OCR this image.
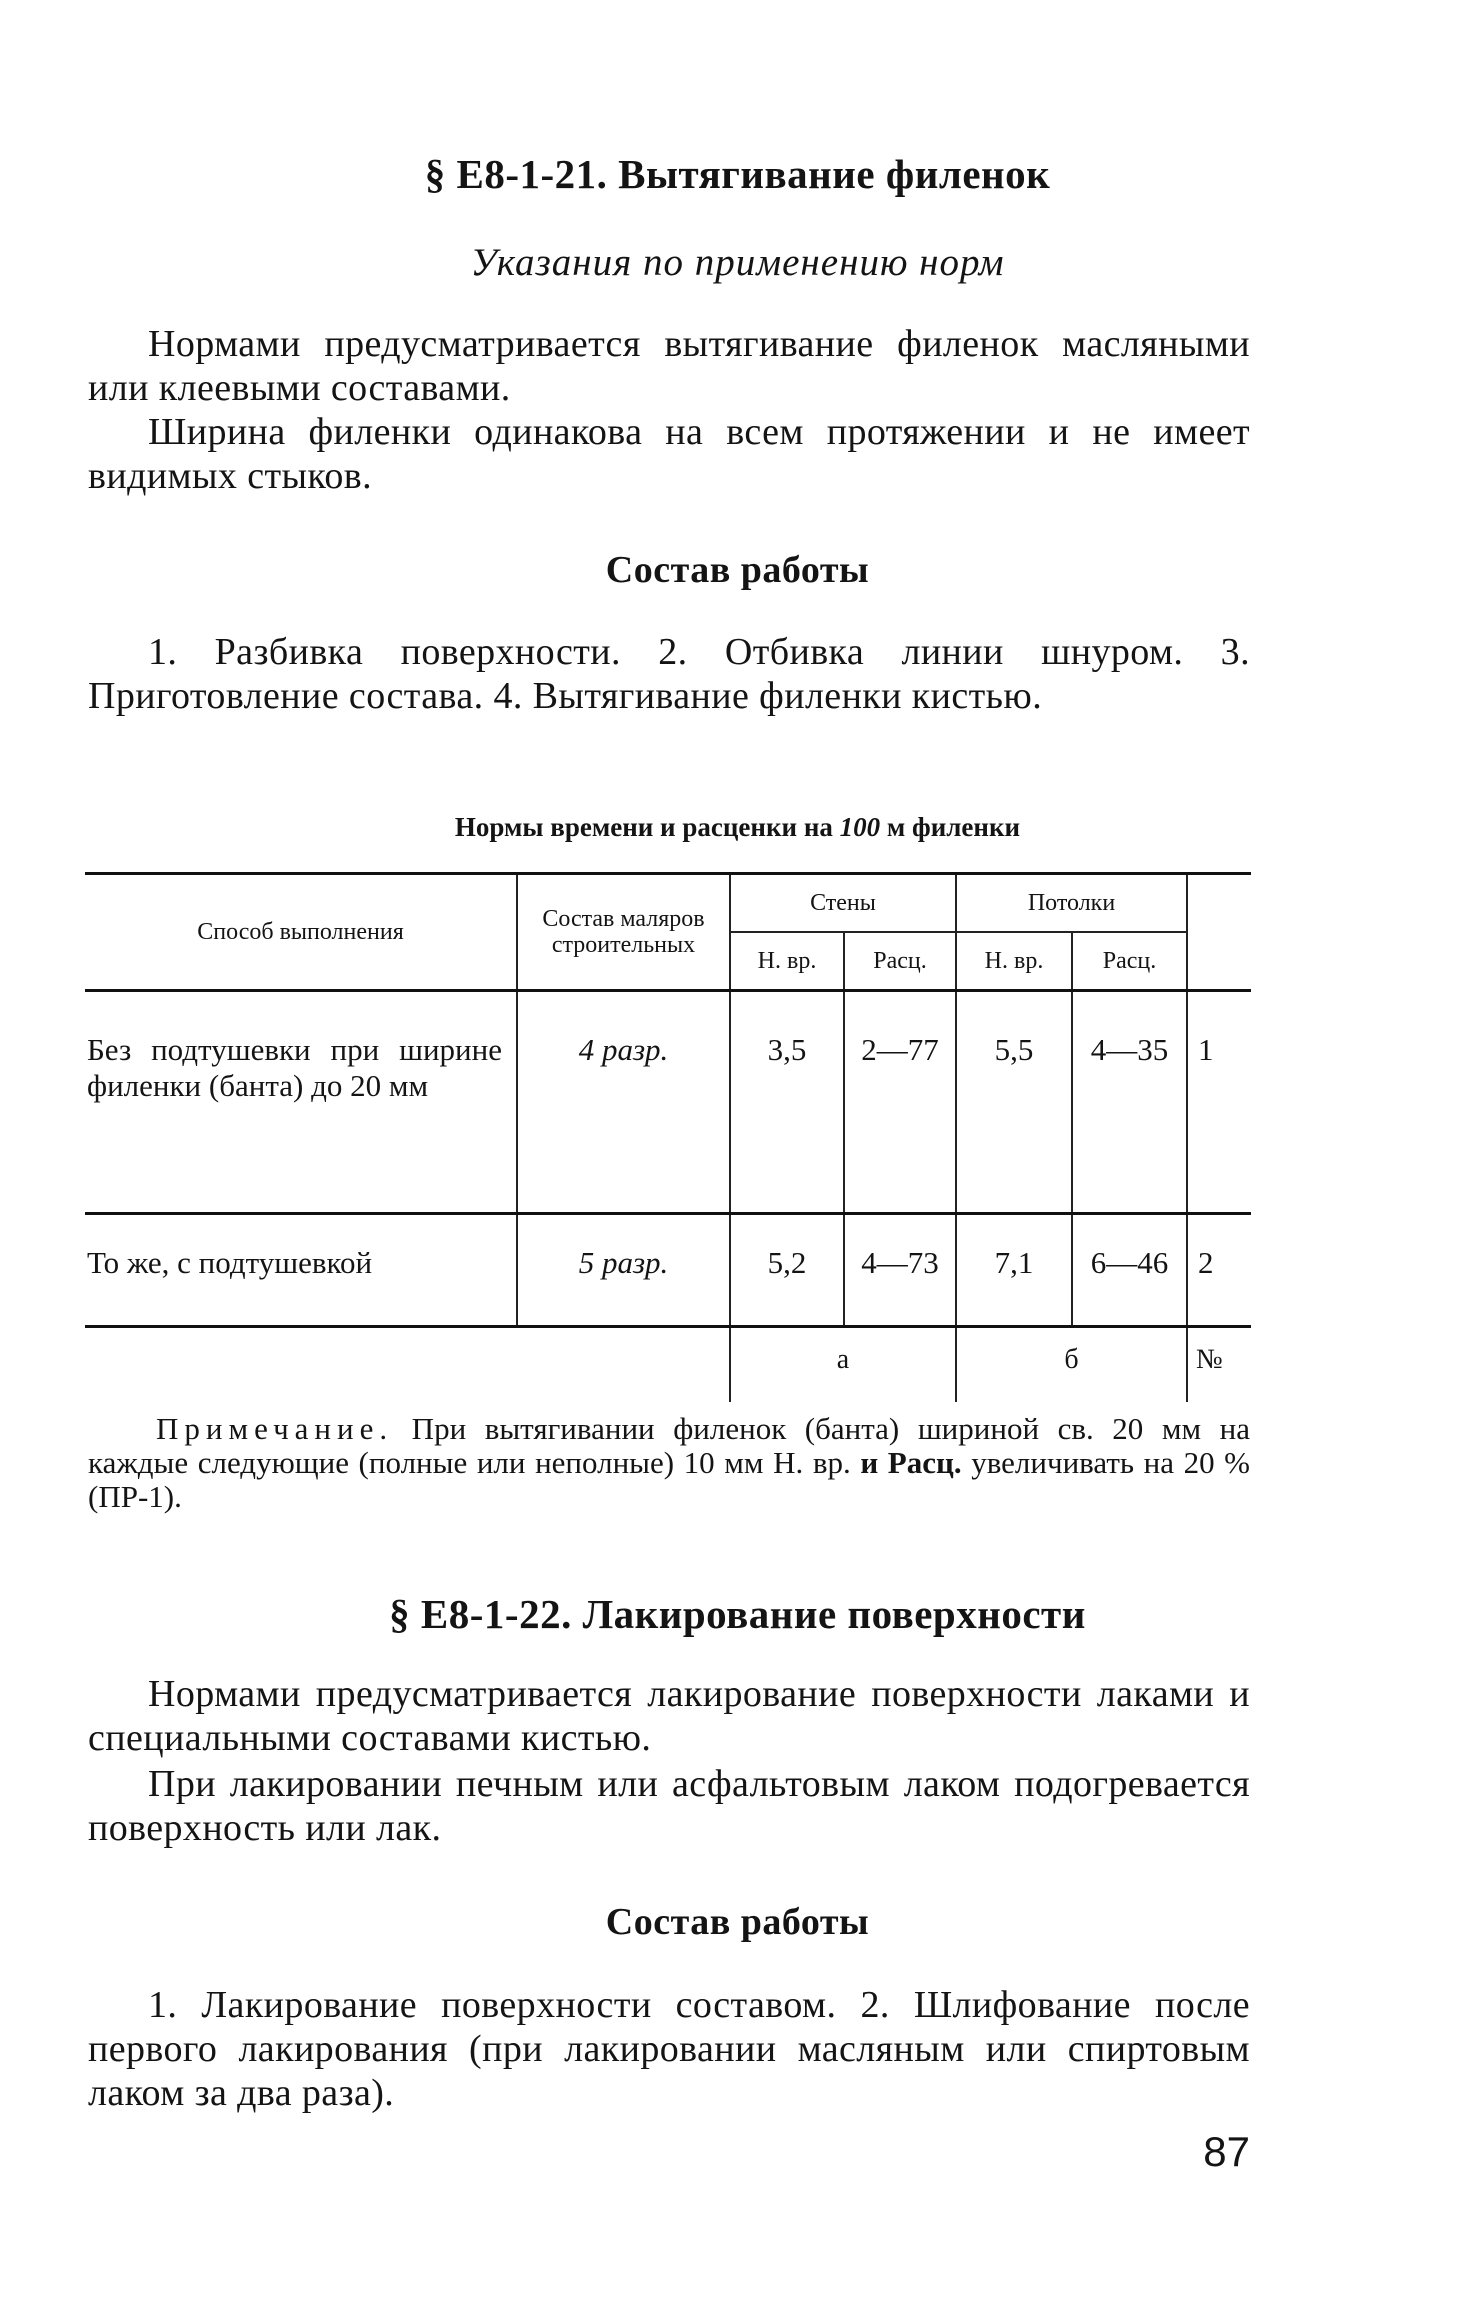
§ Е8-1-21. Вытягивание филенок
Указания по применению норм
Нормами предусматривается вытягивание филенок масляными или клеевыми составами.
Ширина филенки одинакова на всем протяжении и не имеет видимых стыков.
Состав работы
1. Разбивка поверхности. 2. Отбивка линии шнуром. 3. Приготовление состава. 4. Вытягивание филенки кистью.
Нормы времени и расценки на 100 м филенки
Способ выполнения	Состав маляров строительных	Стены		Потолки		
		Н. вр.	Расц.	Н. вр.	Расц.	

Без подтушевки при ширине филенки (банта) до 20 мм	4 разр.	3,5	2—77	5,5	4—35	1

То же, с подтушевкой	5 разр.	5,2	4—73	7,1	6—46	2
		а		б		№
Примечание. При вытягивании филенок (банта) шириной св. 20 мм на каждые следующие (полные или неполные) 10 мм Н. вр. и Расц. увеличивать на 20 % (ПР-1).
§ Е8-1-22. Лакирование поверхности
Нормами предусматривается лакирование поверхности лаками и специальными составами кистью.
При лакировании печным или асфальтовым лаком подогревается поверхность или лак.
Состав работы
1. Лакирование поверхности составом. 2. Шлифование после первого лакирования (при лакировании масляным или спиртовым лаком за два раза).
87
